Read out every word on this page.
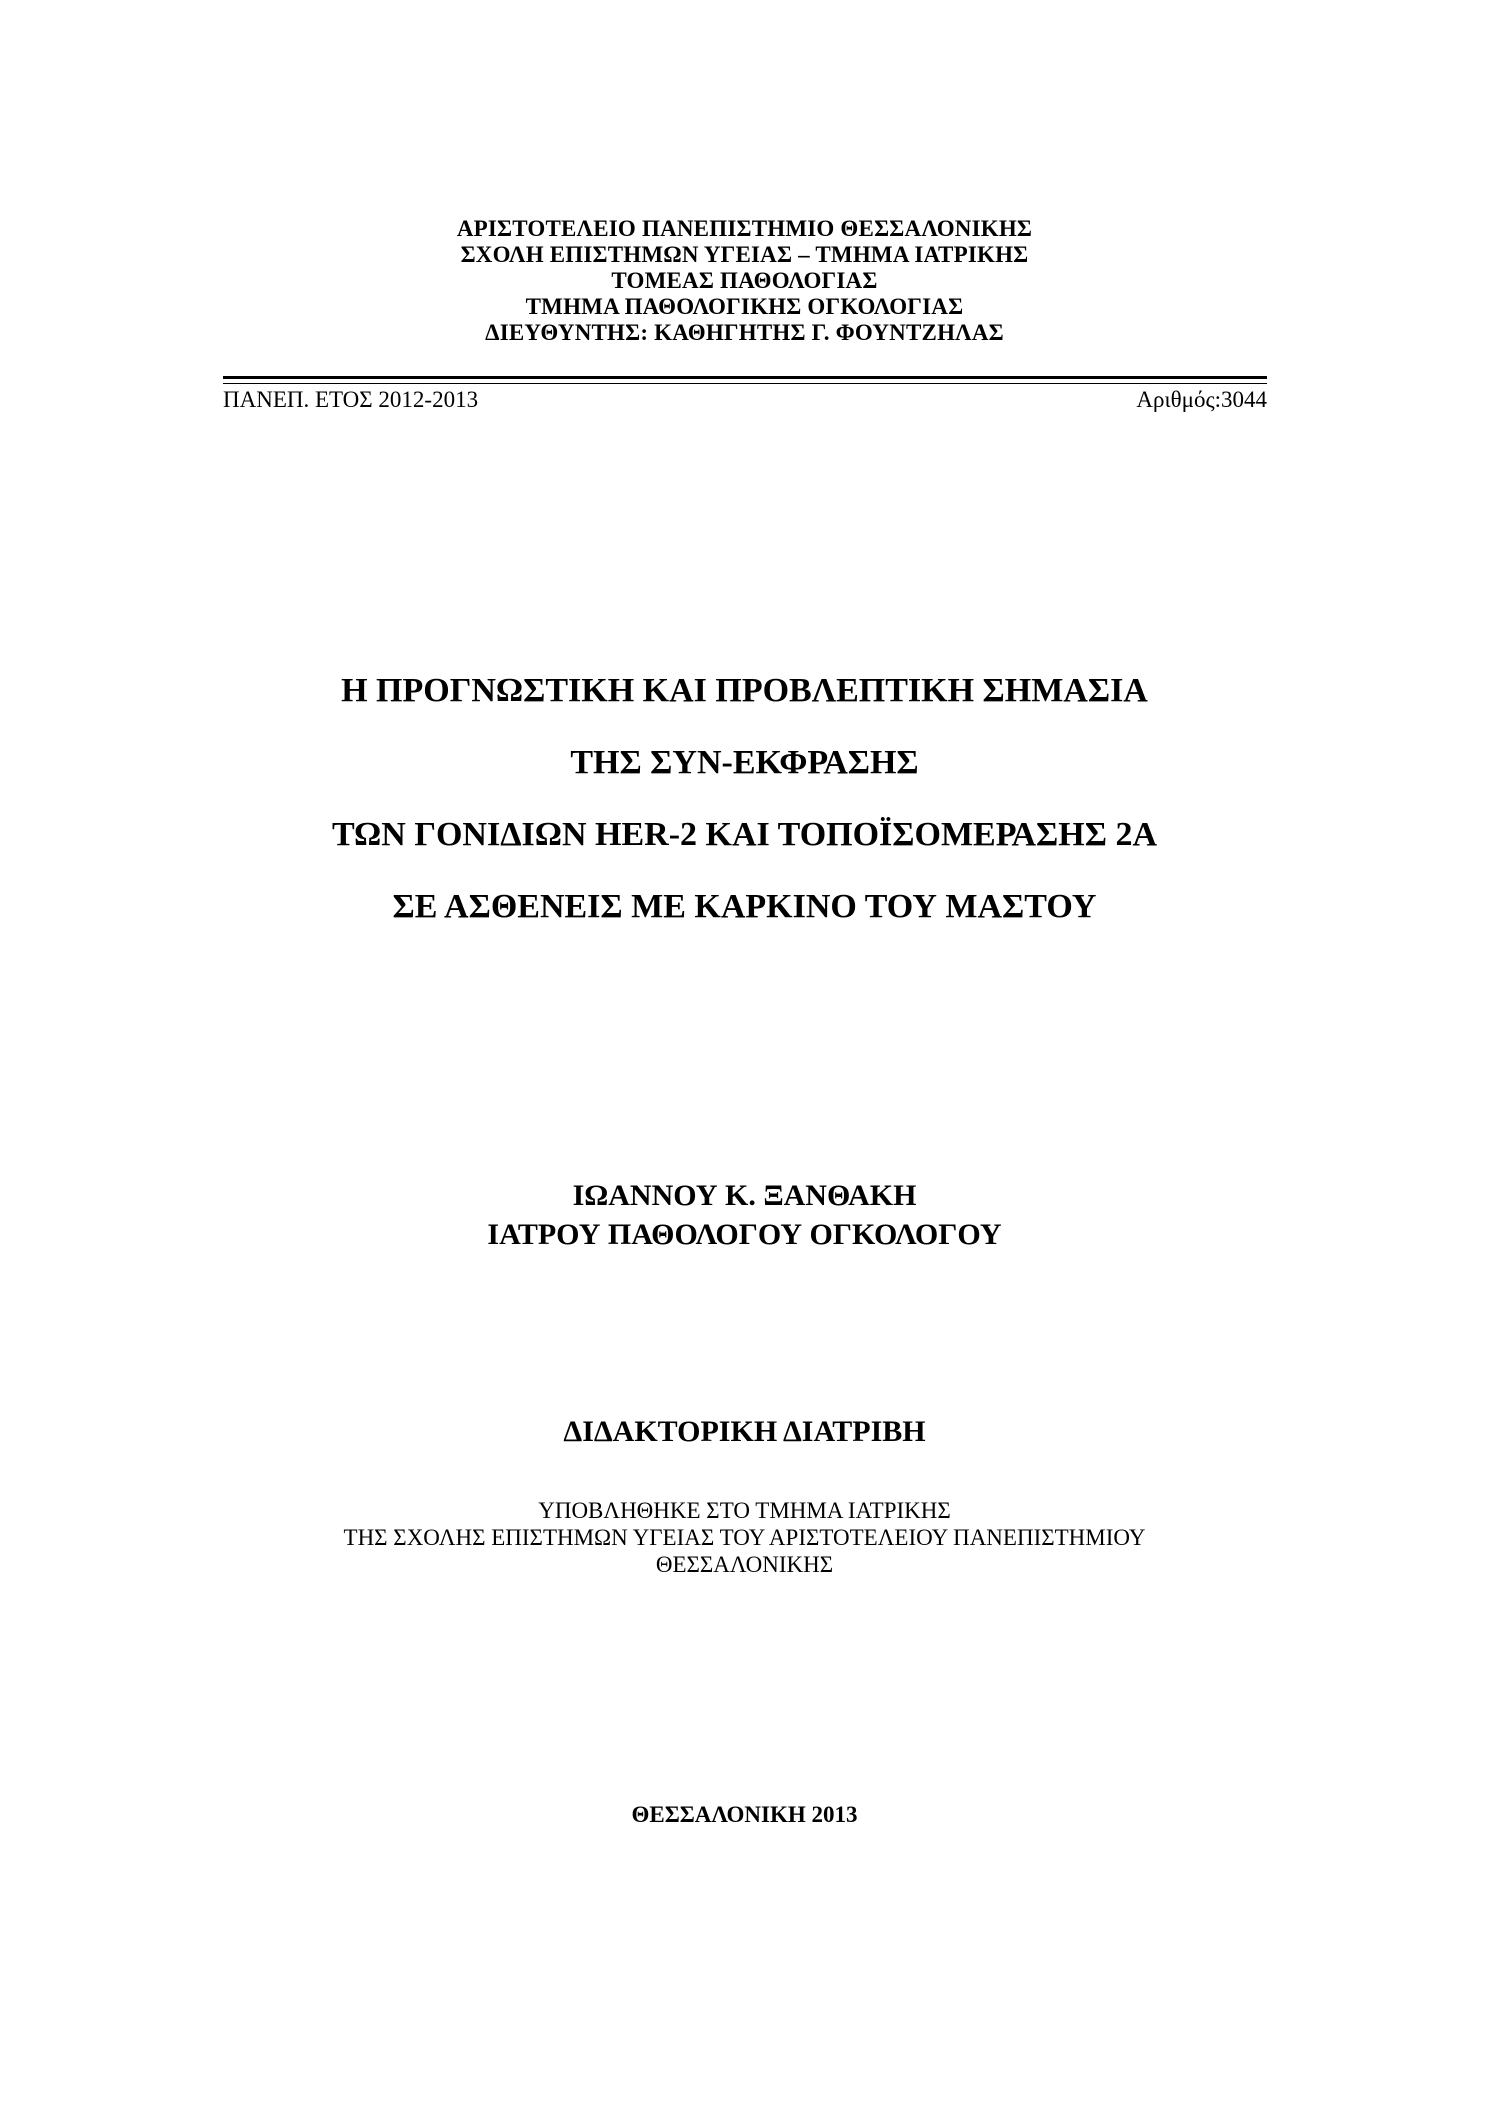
ΑΡΙΣΤΟΤΕΛΕΙΟ ΠΑΝΕΠΙΣΤΗΜΙΟ ΘΕΣΣΑΛΟΝΙΚΗΣ
ΣΧΟΛΗ ΕΠΙΣΤΗΜΩΝ ΥΓΕΙΑΣ – ΤΜΗΜΑ ΙΑΤΡΙΚΗΣ
ΤΟΜΕΑΣ ΠΑΘΟΛΟΓΙΑΣ
ΤΜΗΜΑ ΠΑΘΟΛΟΓΙΚΗΣ ΟΓΚΟΛΟΓΙΑΣ
ΔΙΕΥΘΥΝΤΗΣ: ΚΑΘΗΓΗΤΗΣ Γ. ΦΟΥΝΤΖΗΛΑΣ
ΠΑΝΕΠ. ΕΤΟΣ 2012-2013	Αριθμός:3044
Η ΠΡΟΓΝΩΣΤΙΚΗ ΚΑΙ ΠΡΟΒΛΕΠΤΙΚΗ ΣΗΜΑΣΙΑ
ΤΗΣ ΣΥΝ-ΕΚΦΡΑΣΗΣ
ΤΩΝ ΓΟΝΙΔΙΩΝ HER-2 ΚΑΙ ΤΟΠΟΪΣΟΜΕΡΑΣΗΣ 2Α
ΣΕ ΑΣΘΕΝΕΙΣ ΜΕ ΚΑΡΚΙΝΟ ΤΟΥ ΜΑΣΤΟΥ
ΙΩΑΝΝΟΥ Κ. ΞΑΝΘΑΚΗ
ΙΑΤΡΟΥ ΠΑΘΟΛΟΓΟΥ ΟΓΚΟΛΟΓΟΥ
ΔΙΔΑΚΤΟΡΙΚΗ ΔΙΑΤΡΙΒΗ
ΥΠΟΒΛΗΘΗΚΕ ΣΤΟ ΤΜΗΜΑ ΙΑΤΡΙΚΗΣ
ΤΗΣ ΣΧΟΛΗΣ ΕΠΙΣΤΗΜΩΝ ΥΓΕΙΑΣ ΤΟΥ ΑΡΙΣΤΟΤΕΛΕΙΟΥ ΠΑΝΕΠΙΣΤΗΜΙΟΥ
ΘΕΣΣΑΛΟΝΙΚΗΣ
ΘΕΣΣΑΛΟΝΙΚΗ 2013
